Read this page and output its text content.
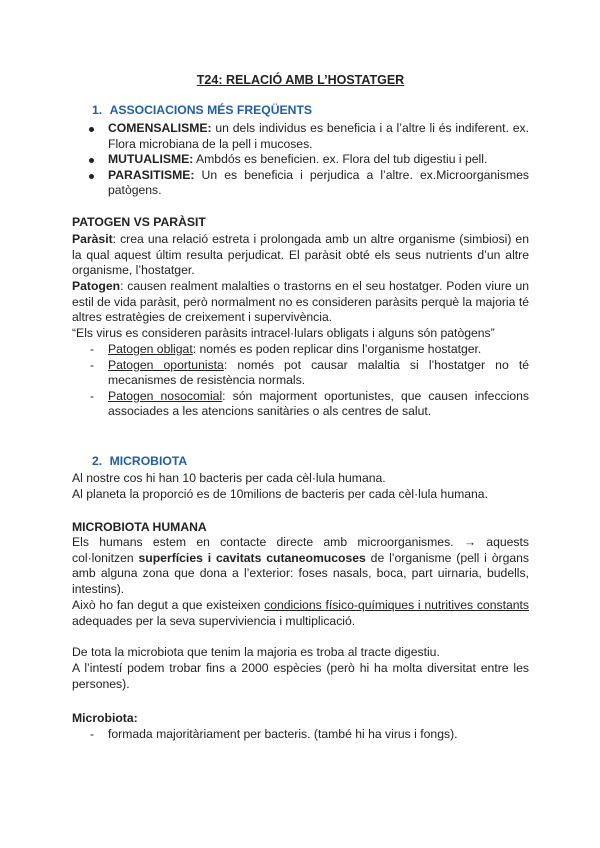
T24: RELACIÓ AMB L’HOSTATGER
1. ASSOCIACIONS MÉS FREQÜENTS
COMENSALISME: un dels individus es beneficia i a l’altre li és indiferent. ex. Flora microbiana de la pell i mucoses.
MUTUALISME: Ambdós es beneficien. ex. Flora del tub digestiu i pell.
PARASITISME: Un es beneficia i perjudica a l’altre. ex.Microorganismes patògens.
PATOGEN VS PARÀSIT
Paràsit: crea una relació estreta i prolongada amb un altre organisme (simbiosi) en la qual aquest últim resulta perjudicat. El paràsit obté els seus nutrients d’un altre organisme, l’hostatger.
Patogen: causen realment malalties o trastorns en el seu hostatger. Poden viure un estil de vida paràsit, però normalment no es consideren paràsits perquè la majoria té altres estratègies de creixement i supervivència.
“Els virus es consideren paràsits intracel·lulars obligats i alguns són patògens”
- Patogen obligat: només es poden replicar dins l’organisme hostatger.
- Patogen oportunista: només pot causar malaltia si l’hostatger no té mecanismes de resistència normals.
- Patogen nosocomial: són majorment oportunistes, que causen infeccions associades a les atencions sanitàries o als centres de salut.
2. MICROBIOTA
Al nostre cos hi han 10 bacteris per cada cèl·lula humana.
Al planeta la proporció es de 10milions de bacteris per cada cèl·lula humana.
MICROBIOTA HUMANA
Els humans estem en contacte directe amb microorganismes. → aquests col·lonitzen superfícies i cavitats cutaneomucoses de l’organisme (pell i òrgans amb alguna zona que dona a l’exterior: foses nasals, boca, part uirnaria, budells, intestins).
Això ho fan degut a que existeixen condicions físico-químiques i nutritives constants adequades per la seva superviviencia i multiplicació.
De tota la microbiota que tenim la majoria es troba al tracte digestiu.
A l’intestí podem trobar fins a 2000 espècies (però hi ha molta diversitat entre les persones).
Microbiota:
- formada majoritàriament per bacteris. (també hi ha virus i fongs).
